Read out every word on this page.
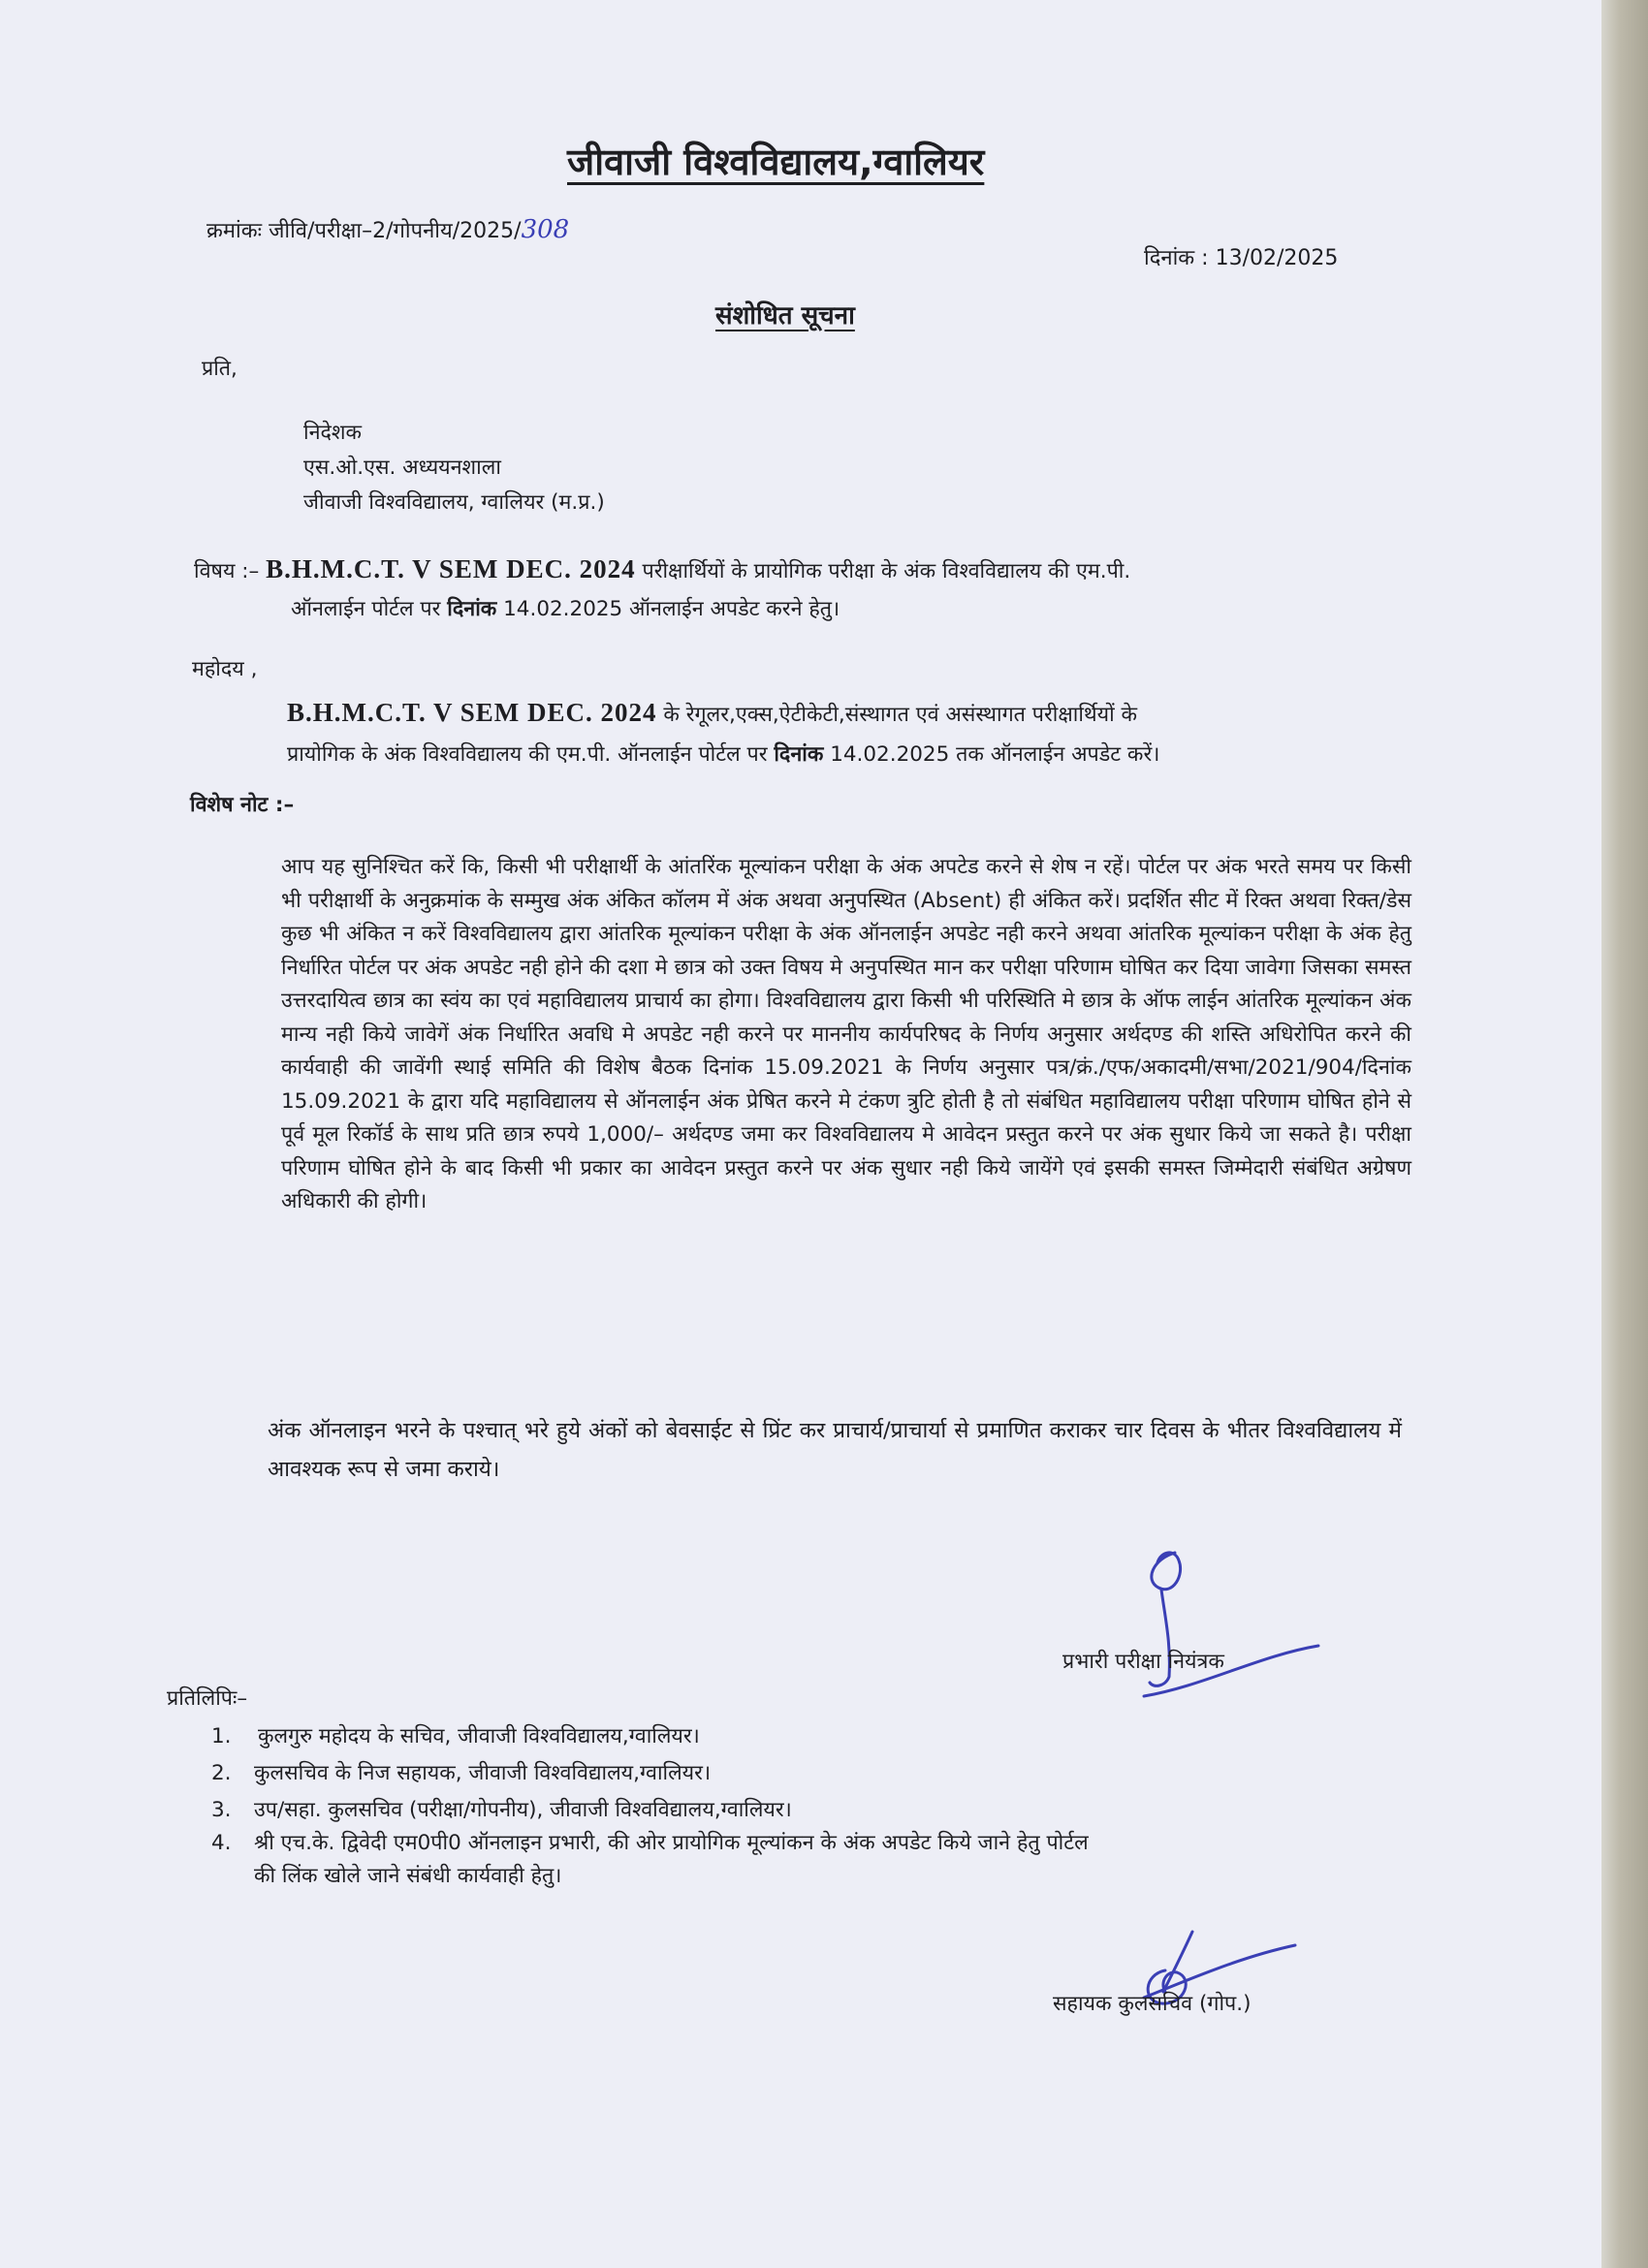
जीवाजी विश्वविद्यालय,ग्वालियर
क्रमांकः जीवि/परीक्षा–2/गोपनीय/2025/308
दिनांक : 13/02/2025
संशोधित सूचना
प्रति,
निदेशक
एस.ओ.एस. अध्ययनशाला
जीवाजी विश्वविद्यालय, ग्वालियर (म.प्र.)
विषय :– B.H.M.C.T. V SEM DEC. 2024 परीक्षार्थियों के प्रायोगिक परीक्षा के अंक विश्वविद्यालय की एम.पी.
ऑनलाईन पोर्टल पर दिनांक 14.02.2025 ऑनलाईन अपडेट करने हेतु।
महोदय ,
B.H.M.C.T. V SEM DEC. 2024 के रेगूलर,एक्स,ऐटीकेटी,संस्थागत एवं असंस्थागत परीक्षार्थियों के
प्रायोगिक के अंक विश्वविद्यालय की एम.पी. ऑनलाईन पोर्टल पर दिनांक 14.02.2025 तक ऑनलाईन अपडेट करें।
विशेष नोट :–

आप यह सुनिश्चित करें कि, किसी भी परीक्षार्थी के आंतरिंक मूल्यांकन परीक्षा के अंक अपटेड करने से शेष न रहें। पोर्टल पर अंक भरते समय पर किसी भी परीक्षार्थी के अनुक्रमांक के सम्मुख अंक अंकित कॉलम में अंक अथवा अनुपस्थित (Absent) ही अंकित करें। प्रदर्शित सीट में रिक्त अथवा रिक्त/डेस कुछ भी अंकित न करें विश्वविद्यालय द्वारा आंतरिक मूल्यांकन परीक्षा के अंक ऑनलाईन अपडेट नही करने अथवा आंतरिक मूल्यांकन परीक्षा के अंक हेतु निर्धारित पोर्टल पर अंक अपडेट नही होने की दशा मे छात्र को उक्त विषय मे अनुपस्थित मान कर परीक्षा परिणाम घोषित कर दिया जावेगा जिसका समस्त उत्तरदायित्व छात्र का स्वंय का एवं महाविद्यालय प्राचार्य का होगा। विश्वविद्यालय द्वारा किसी भी परिस्थिति मे छात्र के ऑफ लाईन आंतरिक मूल्यांकन अंक मान्य नही किये जावेगें अंक निर्धारित अवधि मे अपडेट नही करने पर माननीय कार्यपरिषद के निर्णय अनुसार अर्थदण्ड की शस्ति अधिरोपित करने की कार्यवाही की जावेंगी स्थाई समिति की विशेष बैठक दिनांक 15.09.2021 के निर्णय अनुसार पत्र/क्रं./एफ/अकादमी/सभा/2021/904/दिनांक 15.09.2021 के द्वारा यदि महाविद्यालय से ऑनलाईन अंक प्रेषित करने मे टंकण त्रुटि होती है तो संबंधित महाविद्यालय परीक्षा परिणाम घोषित होने से पूर्व मूल रिकॉर्ड के साथ प्रति छात्र रुपये 1,000/– अर्थदण्ड जमा कर विश्वविद्यालय मे आवेदन प्रस्तुत करने पर अंक सुधार किये जा सकते है। परीक्षा परिणाम घोषित होने के बाद किसी भी प्रकार का आवेदन प्रस्तुत करने पर अंक सुधार नही किये जायेंगे एवं इसकी समस्त जिम्मेदारी संबंधित अग्रेषण अधिकारी की होगी।

अंक ऑनलाइन भरने के पश्चात् भरे हुये अंकों को बेवसाईट से प्रिंट कर प्राचार्य/प्राचार्या से प्रमाणित कराकर चार दिवस के भीतर विश्वविद्यालय में आवश्यक रूप से जमा कराये।

प्रभारी परीक्षा नियंत्रक
प्रतिलिपिः–
1.	कुलगुरु महोदय के सचिव, जीवाजी विश्वविद्यालय,ग्वालियर।
2.	कुलसचिव के निज सहायक, जीवाजी विश्वविद्यालय,ग्वालियर।
3.	उप/सहा. कुलसचिव (परीक्षा/गोपनीय), जीवाजी विश्वविद्यालय,ग्वालियर।
4.	श्री एच.के. द्विवेदी एम0पी0 ऑनलाइन प्रभारी, की ओर प्रायोगिक मूल्यांकन के अंक अपडेट किये जाने हेतु पोर्टल
की लिंक खोले जाने संबंधी कार्यवाही हेतु।
सहायक कुलसचिव (गोप.)
